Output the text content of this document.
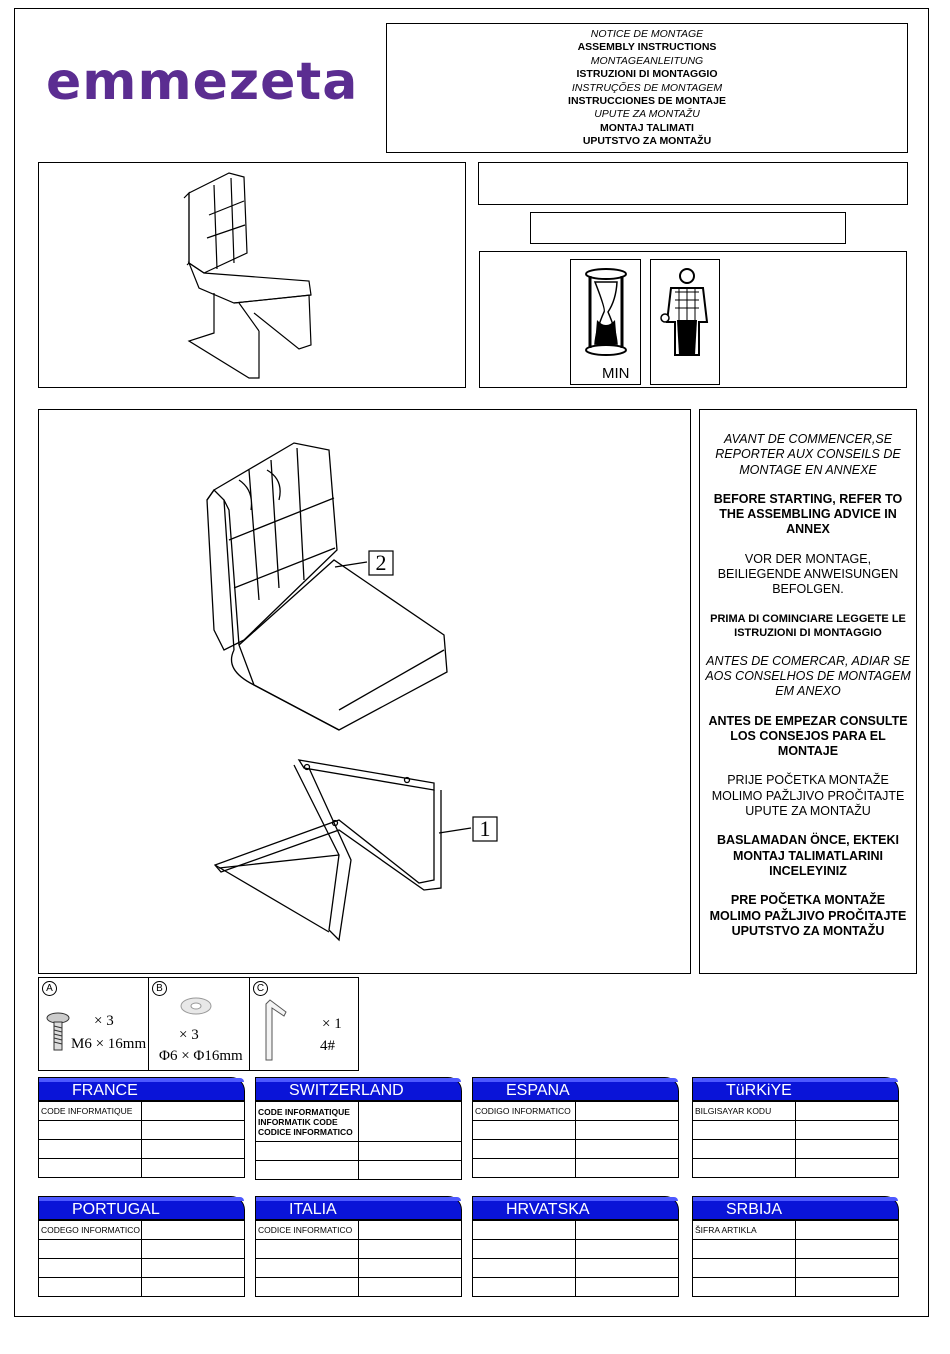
emmezeta
NOTICE DE MONTAGE
ASSEMBLY INSTRUCTIONS
MONTAGEANLEITUNG
ISTRUZIONI DI MONTAGGIO
INSTRUÇÕES DE MONTAGEM
INSTRUCCIONES DE MONTAJE
UPUTE ZA MONTAŽU
MONTAJ TALIMATI
UPUTSTVO ZA MONTAŽU
MIN
2
1
AVANT DE COMMENCER,SE REPORTER AUX CONSEILS DE MONTAGE EN ANNEXE
BEFORE STARTING, REFER TO THE ASSEMBLING ADVICE IN ANNEX
VOR DER MONTAGE, BEILIEGENDE ANWEISUNGEN BEFOLGEN.
PRIMA DI COMINCIARE LEGGETE LE ISTRUZIONI DI MONTAGGIO
ANTES DE COMERCAR, ADIAR SE AOS CONSELHOS DE MONTAGEM EM ANEXO
ANTES DE EMPEZAR CONSULTE LOS CONSEJOS PARA EL MONTAJE
PRIJE POČETKA MONTAŽE MOLIMO PAŽLJIVO PROČITAJTE UPUTE ZA MONTAŽU
BASLAMADAN ÖNCE, EKTEKI MONTAJ TALIMATLARINI INCELEYINIZ
PRE POČETKA MONTAŽE MOLIMO PAŽLJIVO PROČITAJTE UPUTSTVO ZA MONTAŽU
A
× 3
M6 × 16mm
B
× 3
Φ6 × Φ16mm
C
× 1
4#
FRANCE
CODE INFORMATIQUE	

SWITZERLAND
CODE INFORMATIQUE
INFORMATIK CODE
CODICE INFORMATICO	

ESPANA
CODIGO INFORMATICO	

TüRKiYE
BILGISAYAR KODU	

PORTUGAL
CODEGO INFORMATICO	

ITALIA
CODICE INFORMATICO	

HRVATSKA

		SRBIJA
ŠIFRA ARTIKLA	
